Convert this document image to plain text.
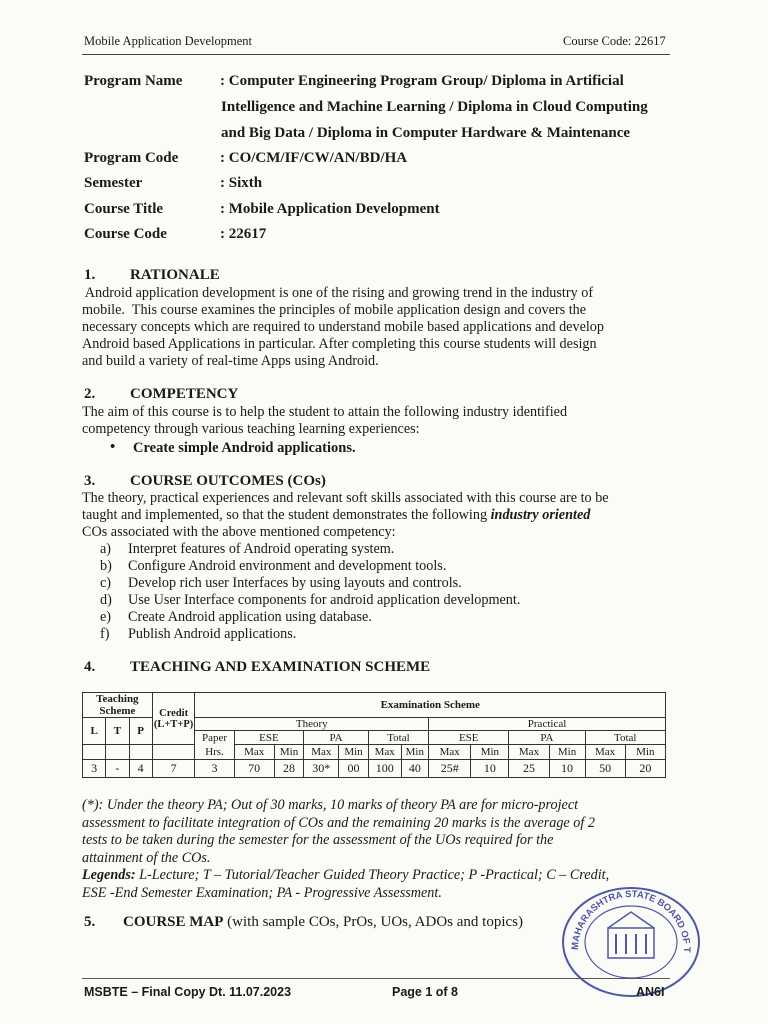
Mobile Application Development	Course Code: 22617
Program Name	: Computer Engineering Program Group/ Diploma in Artificial
Intelligence and Machine Learning / Diploma in Cloud Computing
and Big Data / Diploma in Computer Hardware & Maintenance
Program Code	: CO/CM/IF/CW/AN/BD/HA
Semester	: Sixth
Course Title	: Mobile Application Development
Course Code	: 22617
1. RATIONALE
Android application development is one of the rising and growing trend in the industry of
mobile.  This course examines the principles of mobile application design and covers the
necessary concepts which are required to understand mobile based applications and develop
Android based Applications in particular. After completing this course students will design
and build a variety of real-time Apps using Android.
2. COMPETENCY
The aim of this course is to help the student to attain the following industry identified
competency through various teaching learning experiences:
• Create simple Android applications.
3. COURSE OUTCOMES (COs)
The theory, practical experiences and relevant soft skills associated with this course are to be
taught and implemented, so that the student demonstrates the following industry oriented
COs associated with the above mentioned competency:
a) Interpret features of Android operating system.
b) Configure Android environment and development tools.
c) Develop rich user Interfaces by using layouts and controls.
d) Use User Interface components for android application development.
e) Create Android application using database.
f) Publish Android applications.
4. TEACHING AND EXAMINATION SCHEME
Teaching Scheme			Credit (L+T+P)	Examination Scheme												
L	T	P		Theory							Practical					
				Paper	ESE		PA		Total		ESE		PA		Total	
				Hrs.	Max	Min	Max	Min	Max	Min	Max	Min	Max	Min	Max	Min
3	-	4	7	3	70	28	30*	00	100	40	25#	10	25	10	50	20
(*): Under the theory PA; Out of 30 marks, 10 marks of theory PA are for micro-project
assessment to facilitate integration of COs and the remaining 20 marks is the average of 2
tests to be taken during the semester for the assessment of the UOs required for the
attainment of the COs.
Legends: L-Lecture; T – Tutorial/Teacher Guided Theory Practice; P -Practical; C – Credit,
ESE -End Semester Examination; PA - Progressive Assessment.
5. COURSE MAP (with sample COs, PrOs, UOs, ADOs and topics)
MAHARASHTRA STATE BOARD OF T
MSBTE – Final Copy Dt. 11.07.2023	Page 1 of 8	AN6I
